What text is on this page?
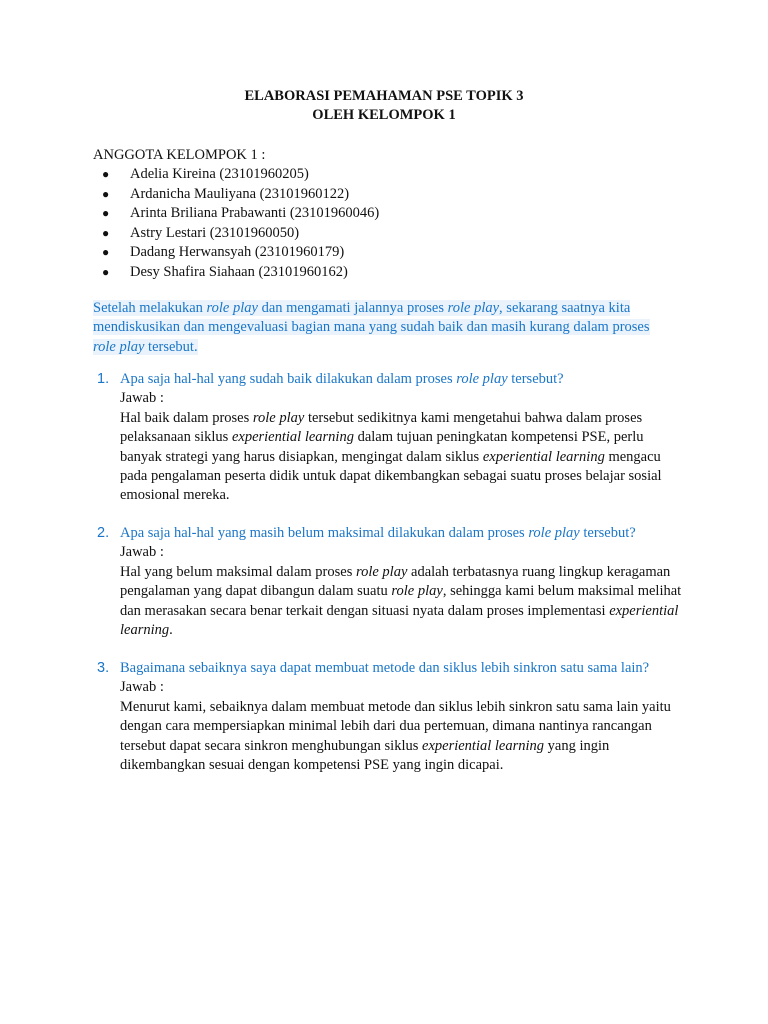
ELABORASI PEMAHAMAN PSE TOPIK 3
OLEH KELOMPOK 1
ANGGOTA KELOMPOK 1 :
●	Adelia Kireina (23101960205)
●	Ardanicha Mauliyana (23101960122)
●	Arinta Briliana Prabawanti (23101960046)
●	Astry Lestari (23101960050)
●	Dadang Herwansyah (23101960179)
●	Desy Shafira Siahaan (23101960162)
Setelah melakukan role play dan mengamati jalannya proses role play, sekarang saatnya kita mendiskusikan dan mengevaluasi bagian mana yang sudah baik dan masih kurang dalam proses role play tersebut.
1. Apa saja hal-hal yang sudah baik dilakukan dalam proses role play tersebut?
Jawab :
Hal baik dalam proses role play tersebut sedikitnya kami mengetahui bahwa dalam proses pelaksanaan siklus experiential learning dalam tujuan peningkatan kompetensi PSE, perlu banyak strategi yang harus disiapkan, mengingat dalam siklus experiential learning mengacu pada pengalaman peserta didik untuk dapat dikembangkan sebagai suatu proses belajar sosial emosional mereka.
2. Apa saja hal-hal yang masih belum maksimal dilakukan dalam proses role play tersebut?
Jawab :
Hal yang belum maksimal dalam proses role play adalah terbatasnya ruang lingkup keragaman pengalaman yang dapat dibangun dalam suatu role play, sehingga kami belum maksimal melihat dan merasakan secara benar terkait dengan situasi nyata dalam proses implementasi experiential learning.
3. Bagaimana sebaiknya saya dapat membuat metode dan siklus lebih sinkron satu sama lain?
Jawab :
Menurut kami, sebaiknya dalam membuat metode dan siklus lebih sinkron satu sama lain yaitu dengan cara mempersiapkan minimal lebih dari dua pertemuan, dimana nantinya rancangan tersebut dapat secara sinkron menghubungan siklus experiential learning yang ingin dikembangkan sesuai dengan kompetensi PSE yang ingin dicapai.
